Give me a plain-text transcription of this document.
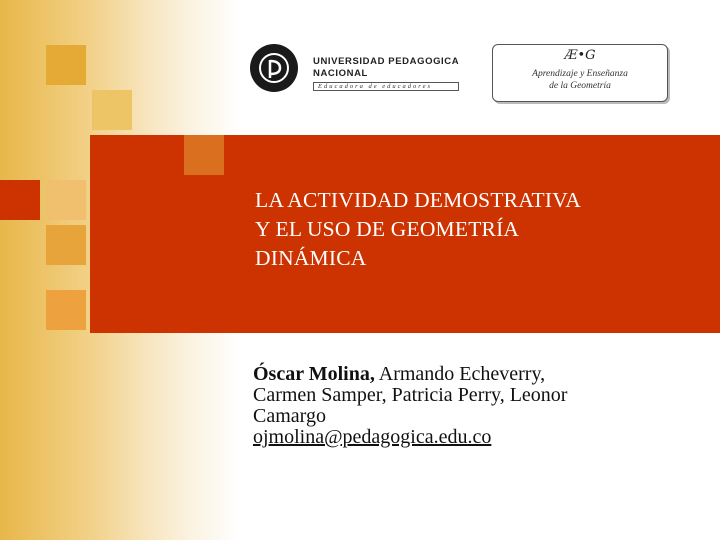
LA ACTIVIDAD DEMOSTRATIVA
Y EL USO DE GEOMETRÍA
DINÁMICA
Óscar Molina, Armando Echeverry,
Carmen Samper, Patricia Perry, Leonor
Camargo
ojmolina@pedagogica.edu.co
UNIVERSIDAD PEDAGOGICA
NACIONAL
Educadora de educadores
Æ•G
Aprendizaje y Enseñanza
de la Geometría
